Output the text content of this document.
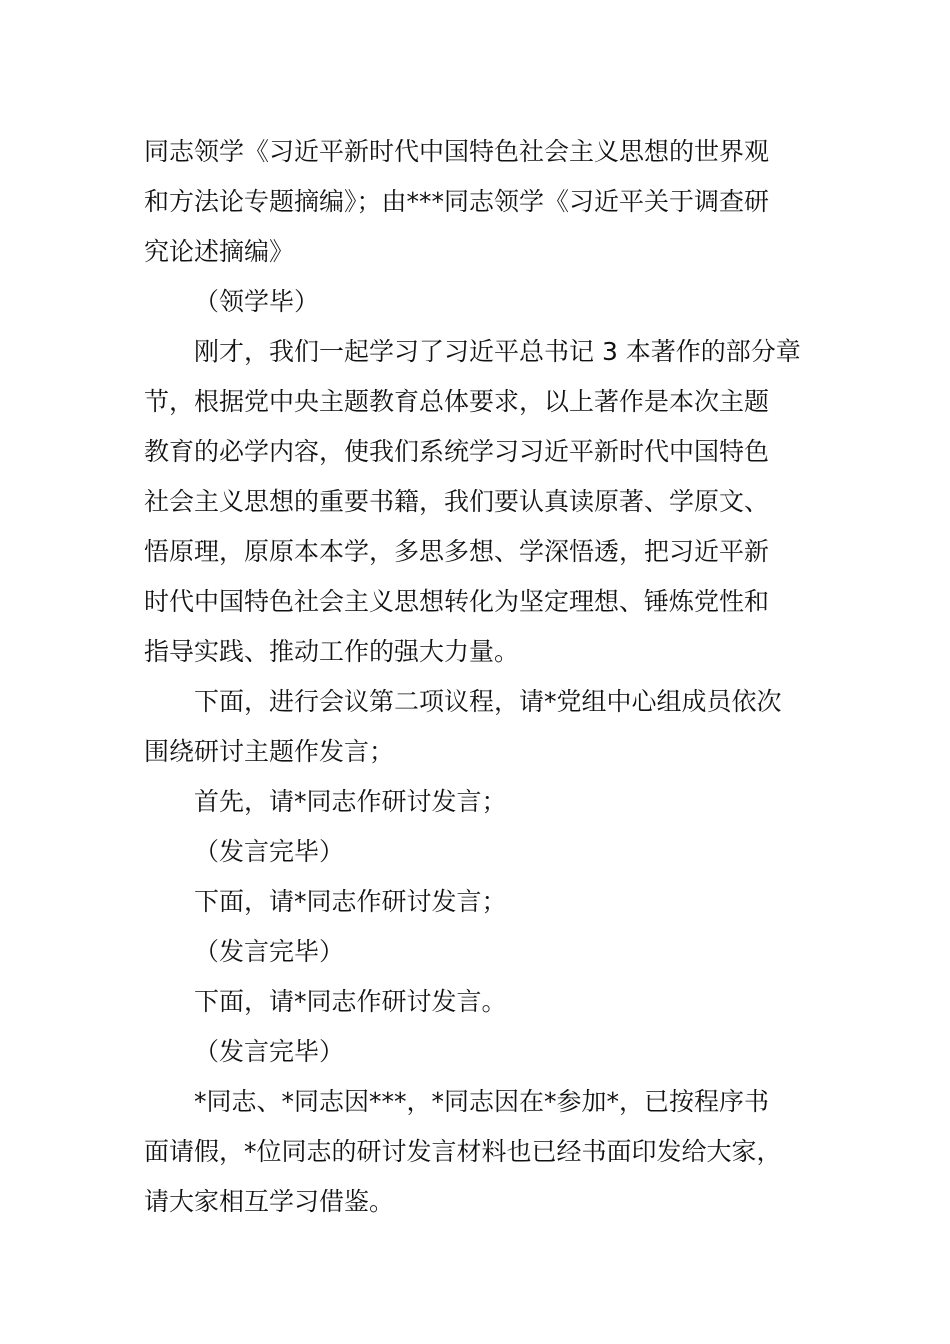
同志领学《习近平新时代中国特色社会主义思想的世界观
和方法论专题摘编》；由***同志领学《习近平关于调查研
究论述摘编》
（领学毕）
刚才，我们一起学习了习近平总书记 3 本著作的部分章
节，根据党中央主题教育总体要求，以上著作是本次主题
教育的必学内容，使我们系统学习习近平新时代中国特色
社会主义思想的重要书籍，我们要认真读原著、学原文、
悟原理，原原本本学，多思多想、学深悟透，把习近平新
时代中国特色社会主义思想转化为坚定理想、锤炼党性和
指导实践、推动工作的强大力量。
下面，进行会议第二项议程，请*党组中心组成员依次
围绕研讨主题作发言；
首先，请*同志作研讨发言；
（发言完毕）
下面，请*同志作研讨发言；
（发言完毕）
下面，请*同志作研讨发言。
（发言完毕）
*同志、*同志因***，*同志因在*参加*，已按程序书
面请假，*位同志的研讨发言材料也已经书面印发给大家，
请大家相互学习借鉴。
